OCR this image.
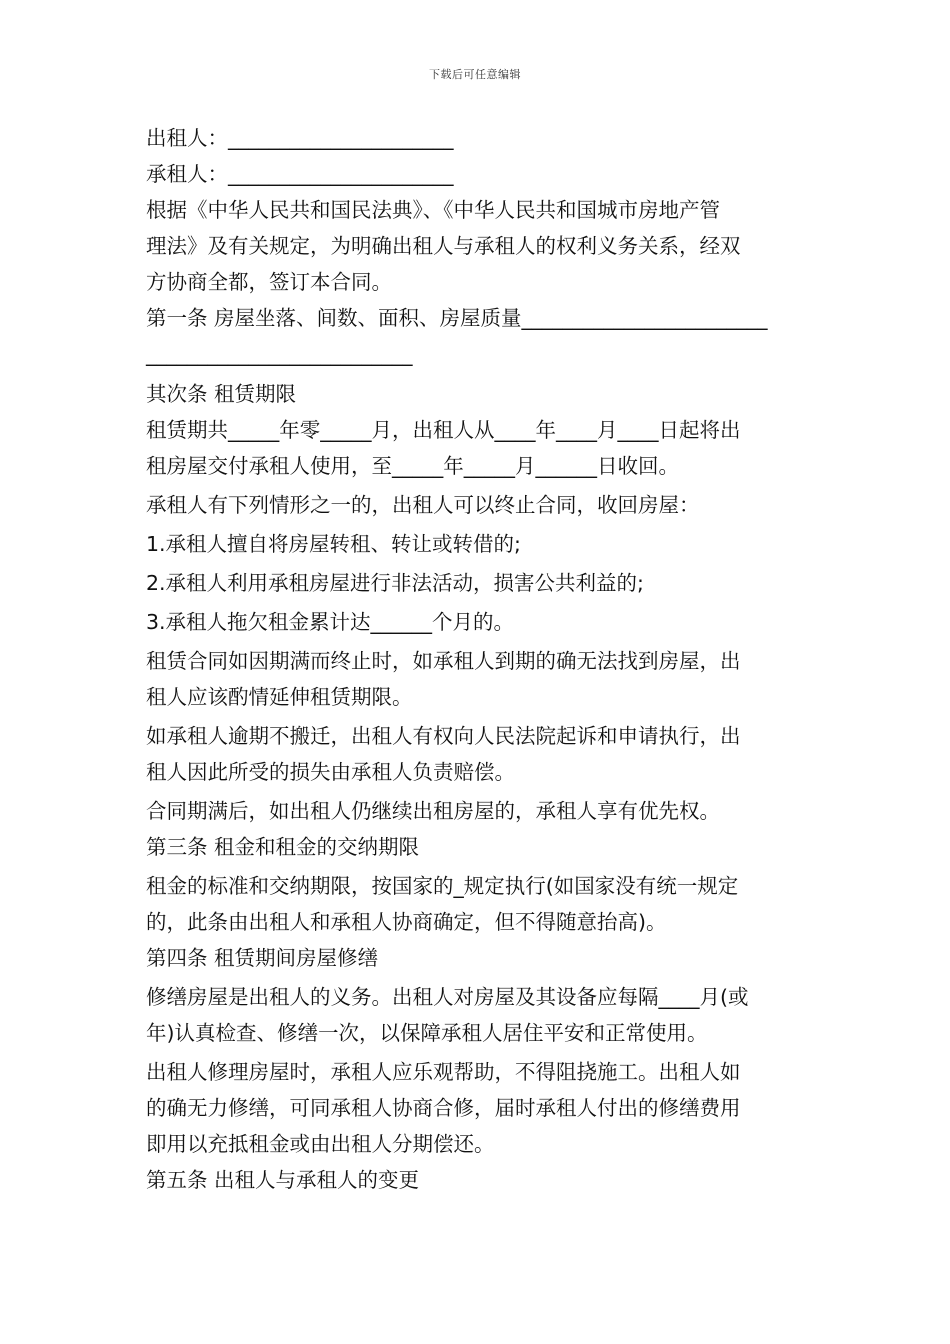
下载后可任意编辑
出租人：______________________
承租人：______________________
根据《中华人民共和国民法典》、《中华人民共和国城市房地产管
理法》及有关规定，为明确出租人与承租人的权利义务关系，经双
方协商全都，签订本合同。
第一条 房屋坐落、间数、面积、房屋质量________________________
__________________________
其次条 租赁期限
租赁期共_____年零_____月，出租人从____年____月____日起将出
租房屋交付承租人使用，至_____年_____月______日收回。
承租人有下列情形之一的，出租人可以终止合同，收回房屋：
1.承租人擅自将房屋转租、转让或转借的;
2.承租人利用承租房屋进行非法活动，损害公共利益的;
3.承租人拖欠租金累计达______个月的。
租赁合同如因期满而终止时，如承租人到期的确无法找到房屋，出
租人应该酌情延伸租赁期限。
如承租人逾期不搬迁，出租人有权向人民法院起诉和申请执行，出
租人因此所受的损失由承租人负责赔偿。
合同期满后，如出租人仍继续出租房屋的，承租人享有优先权。
第三条 租金和租金的交纳期限
租金的标准和交纳期限，按国家的_规定执行(如国家没有统一规定
的，此条由出租人和承租人协商确定，但不得随意抬高)。
第四条 租赁期间房屋修缮
修缮房屋是出租人的义务。出租人对房屋及其设备应每隔____月(或
年)认真检查、修缮一次，以保障承租人居住平安和正常使用。
出租人修理房屋时，承租人应乐观帮助，不得阻挠施工。出租人如
的确无力修缮，可同承租人协商合修，届时承租人付出的修缮费用
即用以充抵租金或由出租人分期偿还。
第五条 出租人与承租人的变更
